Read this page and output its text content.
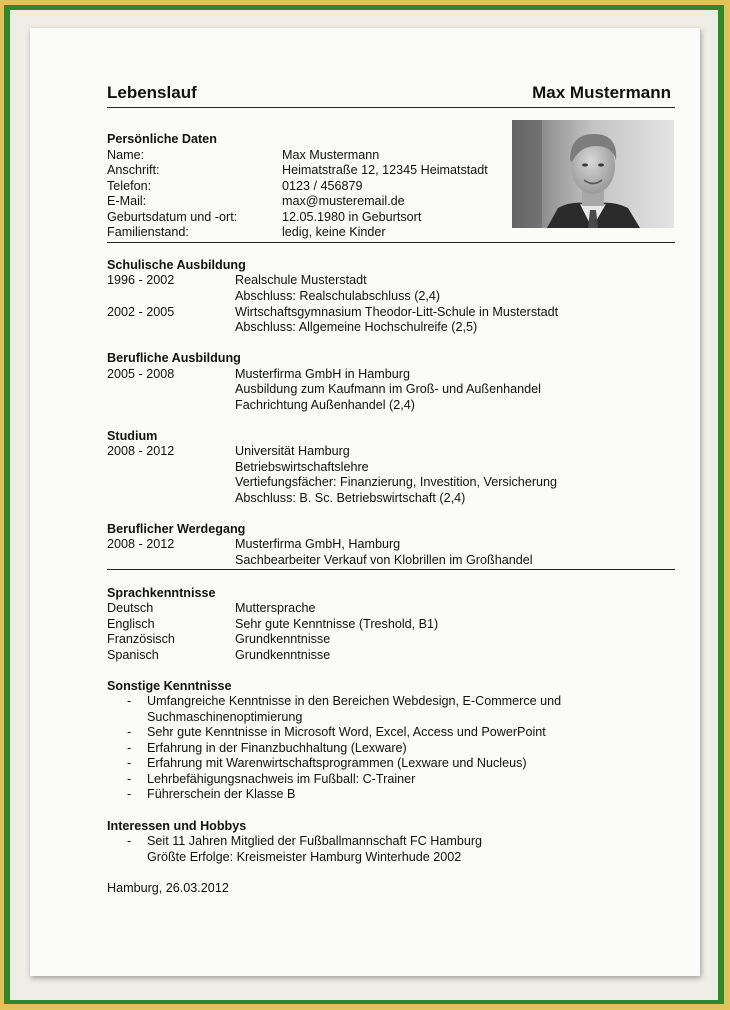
Lebenslauf	Max Mustermann
Persönliche Daten
Name:	Max Mustermann
Anschrift:	Heimatstraße 12, 12345 Heimatstadt
Telefon:	0123 / 456879
E-Mail:	max@musteremail.de
Geburtsdatum und -ort:	12.05.1980 in Geburtsort
Familienstand:	ledig, keine Kinder
Schulische Ausbildung
1996 - 2002	Realschule Musterstadt
Abschluss: Realschulabschluss (2,4)
2002 - 2005	Wirtschaftsgymnasium Theodor-Litt-Schule in Musterstadt
Abschluss: Allgemeine Hochschulreife (2,5)
Berufliche Ausbildung
2005 - 2008	Musterfirma GmbH in Hamburg
Ausbildung zum Kaufmann im Groß- und Außenhandel
Fachrichtung Außenhandel (2,4)
Studium
2008 - 2012	Universität Hamburg
Betriebswirtschaftslehre
Vertiefungsfächer: Finanzierung, Investition, Versicherung
Abschluss: B. Sc. Betriebswirtschaft (2,4)
Beruflicher Werdegang
2008 - 2012	Musterfirma GmbH, Hamburg
Sachbearbeiter Verkauf von Klobrillen im Großhandel
Sprachkenntnisse
Deutsch	Muttersprache
Englisch	Sehr gute Kenntnisse (Treshold, B1)
Französisch	Grundkenntnisse
Spanisch	Grundkenntnisse
Sonstige Kenntnisse
- Umfangreiche Kenntnisse in den Bereichen Webdesign, E-Commerce und
Suchmaschinenoptimierung
- Sehr gute Kenntnisse in Microsoft Word, Excel, Access und PowerPoint
- Erfahrung in der Finanzbuchhaltung (Lexware)
- Erfahrung mit Warenwirtschaftsprogrammen (Lexware und Nucleus)
- Lehrbefähigungsnachweis im Fußball: C-Trainer
- Führerschein der Klasse B
Interessen und Hobbys
- Seit 11 Jahren Mitglied der Fußballmannschaft FC Hamburg
Größte Erfolge: Kreismeister Hamburg Winterhude 2002
Hamburg, 26.03.2012
